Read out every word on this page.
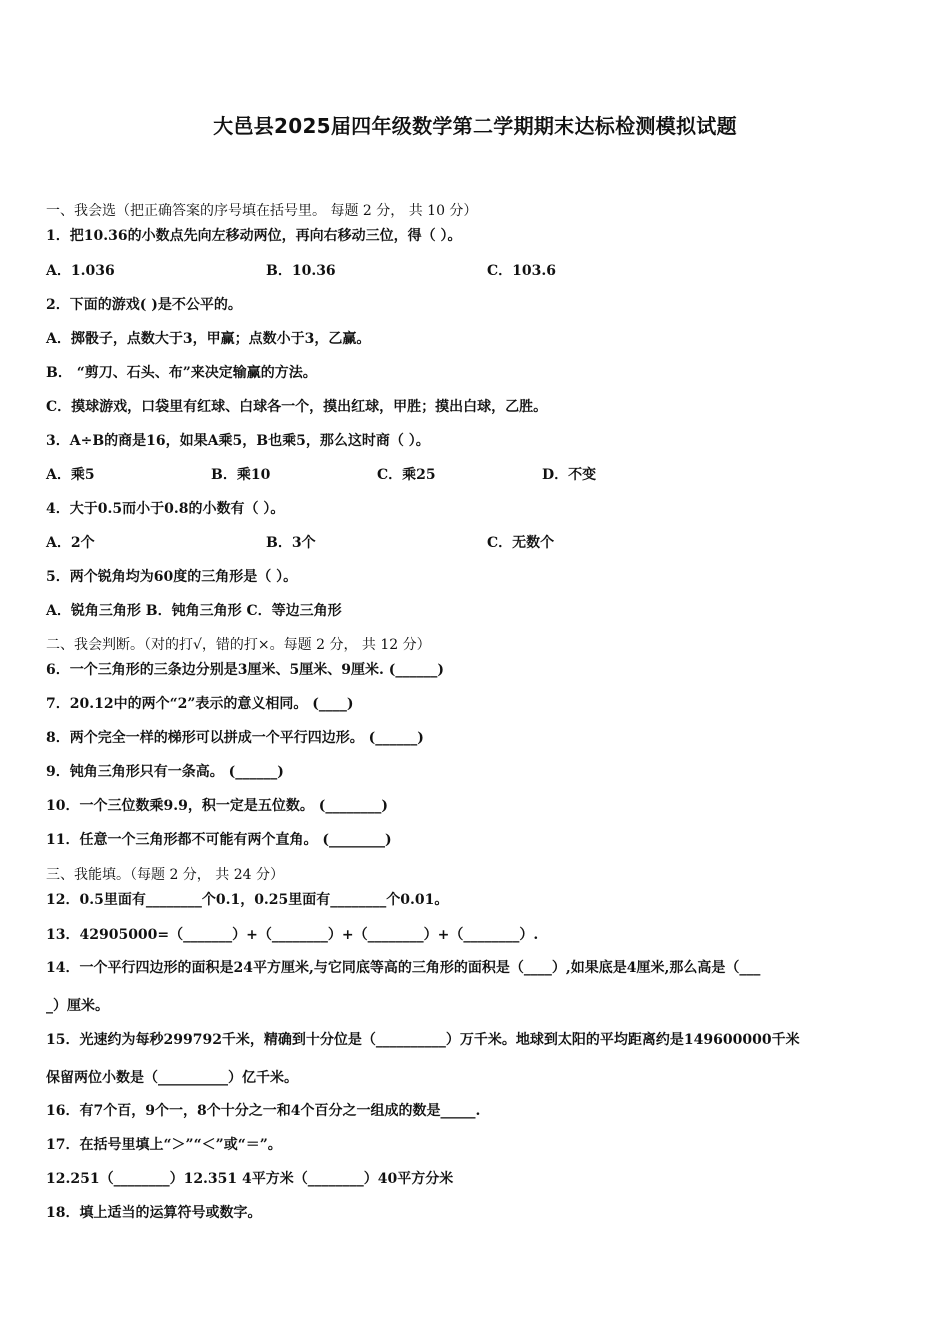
大邑县2025届四年级数学第二学期期末达标检测模拟试题
一、我会选（把正确答案的序号填在括号里。 每题 2 分， 共 10 分）
1．把10.36的小数点先向左移动两位，再向右移动三位，得（ ）。
A．1.036	B．10.36	C．103.6
2．下面的游戏( )是不公平的。
A．掷骰子，点数大于3，甲赢；点数小于3，乙赢。
B． “剪刀、石头、布”来决定输赢的方法。
C．摸球游戏，口袋里有红球、白球各一个，摸出红球，甲胜；摸出白球，乙胜。
3．A÷B的商是16，如果A乘5，B也乘5，那么这时商（ ）。
A．乘5	B．乘10	C．乘25	D．不变
4．大于0.5而小于0.8的小数有（ ）。
A．2个	B．3个	C．无数个
5．两个锐角均为60度的三角形是（ ）。
A．锐角三角形 B．钝角三角形 C．等边三角形
二、我会判断。（对的打√，错的打×。每题 2 分， 共 12 分）
6．一个三角形的三条边分别是3厘米、5厘米、9厘米. (______)
7．20.12中的两个“2”表示的意义相同。 (____)
8．两个完全一样的梯形可以拼成一个平行四边形。 (______)
9．钝角三角形只有一条高。 (______)
10．一个三位数乘9.9，积一定是五位数。 (________)
11．任意一个三角形都不可能有两个直角。 (________)
三、我能填。（每题 2 分， 共 24 分）
12．0.5里面有________个0.1，0.25里面有________个0.01。
13．42905000=（_______）+（________）+（________）+（________）.
14．一个平行四边形的面积是24平方厘米,与它同底等高的三角形的面积是（____）,如果底是4厘米,那么高是（___
_）厘米。
15．光速约为每秒299792千米，精确到十分位是（__________）万千米。地球到太阳的平均距离约是149600000千米
保留两位小数是（__________）亿千米。
16．有7个百，9个一，8个十分之一和4个百分之一组成的数是_____.
17．在括号里填上“＞”“＜”或“＝”。
12.251（________）12.351 4平方米（________）40平方分米
18．填上适当的运算符号或数字。
